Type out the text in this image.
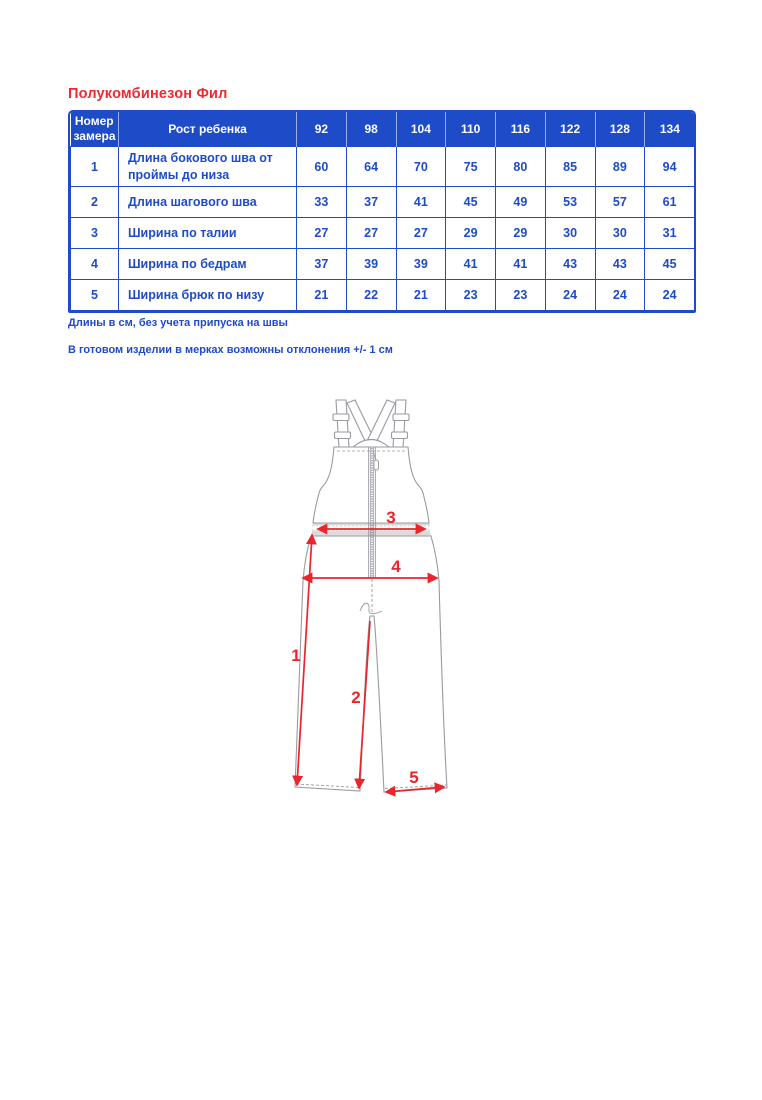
Полукомбинезон Фил
Номер замера	Рост ребенка	92	98	104	110	116	122	128	134
1	Длина бокового шва от проймы до низа	60	64	70	75	80	85	89	94
2	Длина шагового шва	33	37	41	45	49	53	57	61
3	Ширина по талии	27	27	27	29	29	30	30	31
4	Ширина по бедрам	37	39	39	41	41	43	43	45
5	Ширина брюк по низу	21	22	21	23	23	24	24	24
Длины в см, без учета припуска на швы
В готовом изделии в мерках возможны отклонения +/- 1 см
3
4
1
2
5
